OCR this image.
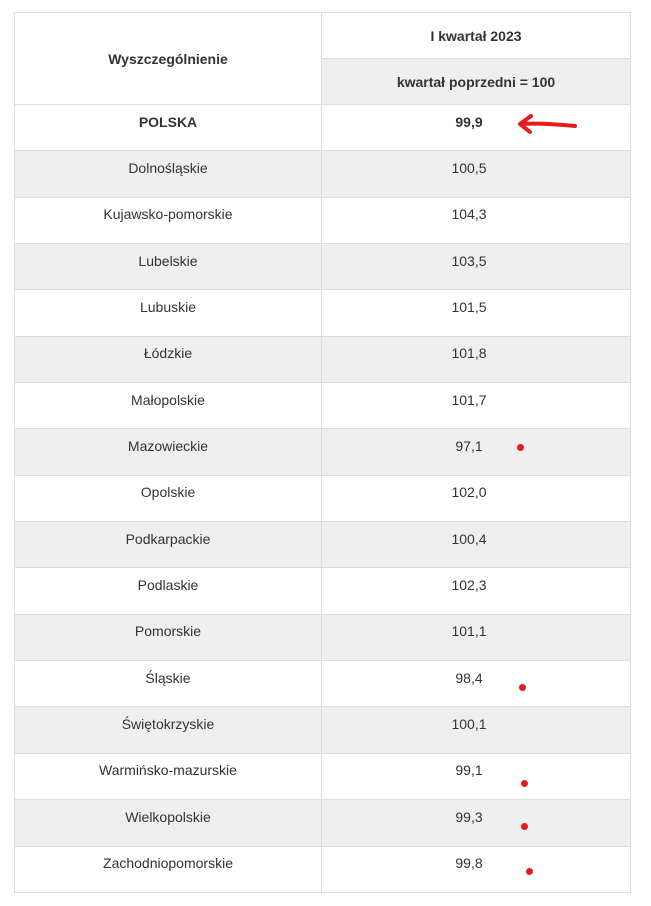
Wyszczególnienie	I kwartał 2023
	kwartał poprzedni = 100
POLSKA	99,9
Dolnośląskie	100,5
Kujawsko-pomorskie	104,3
Lubelskie	103,5
Lubuskie	101,5
Łódzkie	101,8
Małopolskie	101,7
Mazowieckie	97,1

Opolskie	102,0
Podkarpackie	100,4
Podlaskie	102,3
Pomorskie	101,1
Śląskie	98,4

Świętokrzyskie	100,1
Warmińsko-mazurskie	99,1

Wielkopolskie	99,3

Zachodniopomorskie	99,8
